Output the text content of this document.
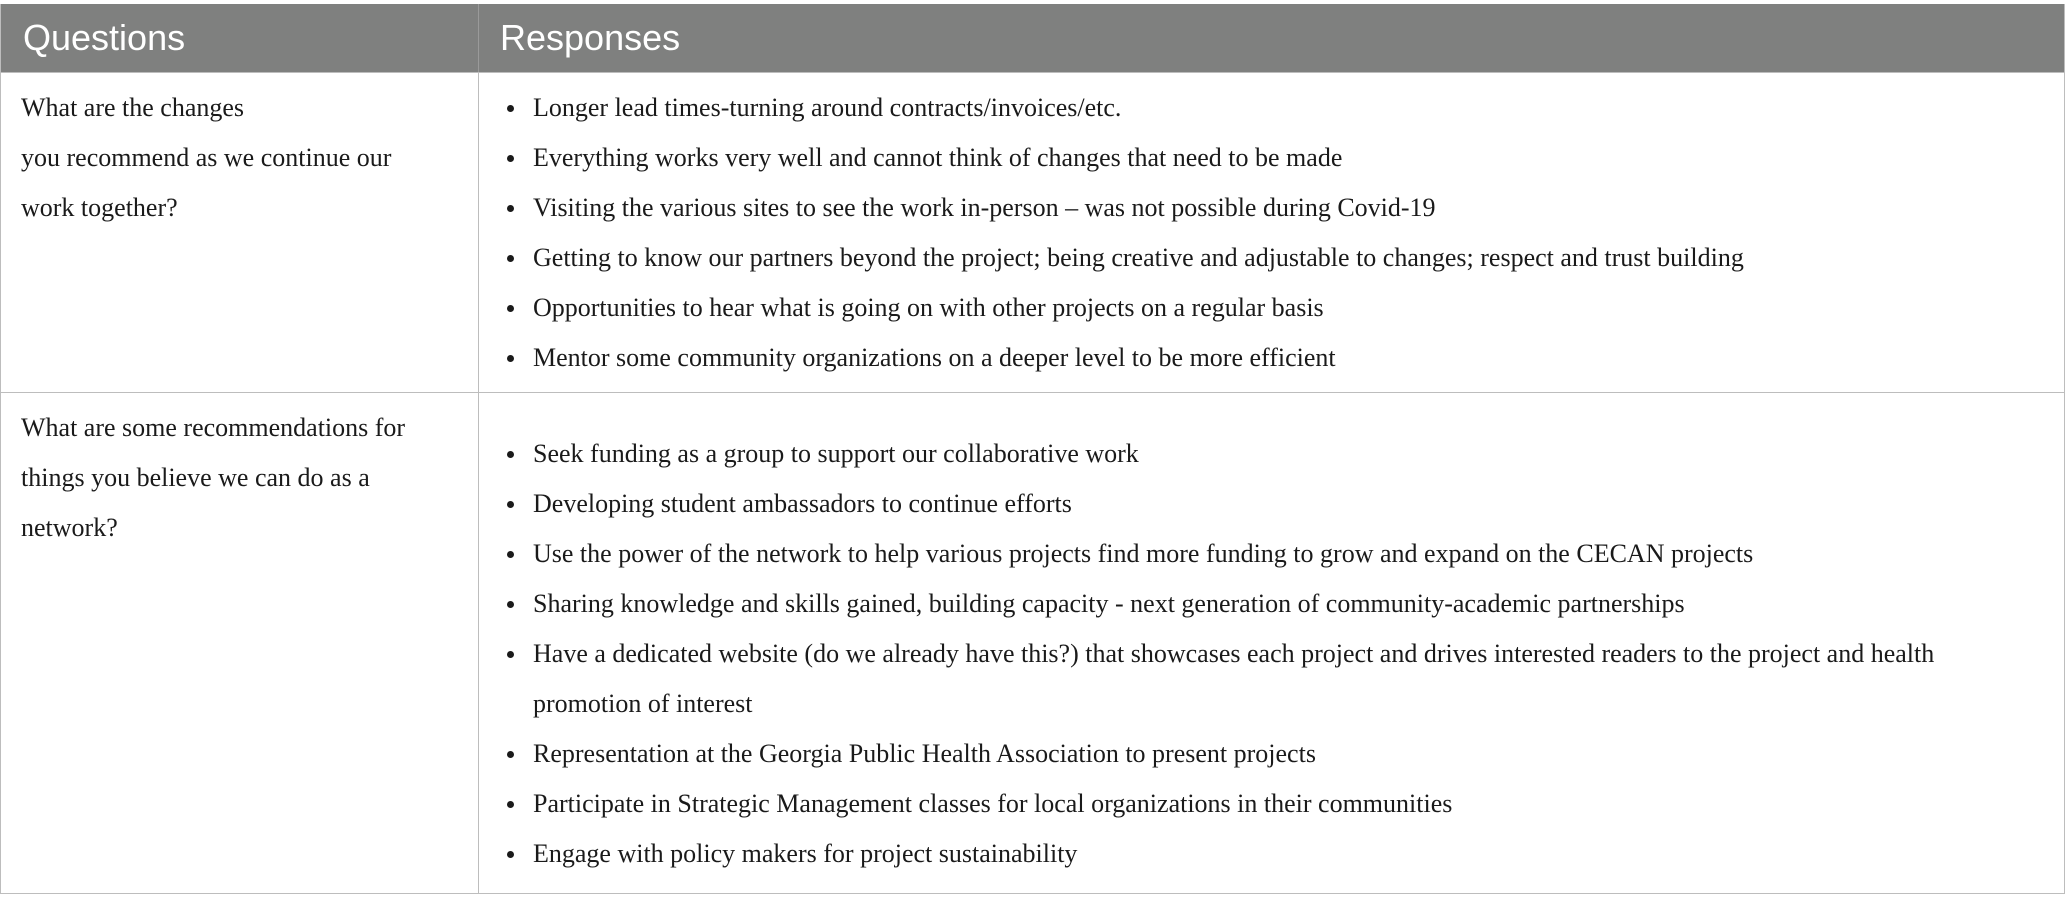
Questions	Responses
What are the changes
you recommend as we continue our
work together?
Longer lead times-turning around contracts/invoices/etc.
Everything works very well and cannot think of changes that need to be made
Visiting the various sites to see the work in-person – was not possible during Covid-19
Getting to know our partners beyond the project; being creative and adjustable to changes; respect and trust building
Opportunities to hear what is going on with other projects on a regular basis
Mentor some community organizations on a deeper level to be more efficient
What are some recommendations for
things you believe we can do as a
network?
Seek funding as a group to support our collaborative work
Developing student ambassadors to continue efforts
Use the power of the network to help various projects find more funding to grow and expand on the CECAN projects
Sharing knowledge and skills gained, building capacity - next generation of community-academic partnerships
Have a dedicated website (do we already have this?) that showcases each project and drives interested readers to the project and health promotion of interest
Representation at the Georgia Public Health Association to present projects
Participate in Strategic Management classes for local organizations in their communities
Engage with policy makers for project sustainability
